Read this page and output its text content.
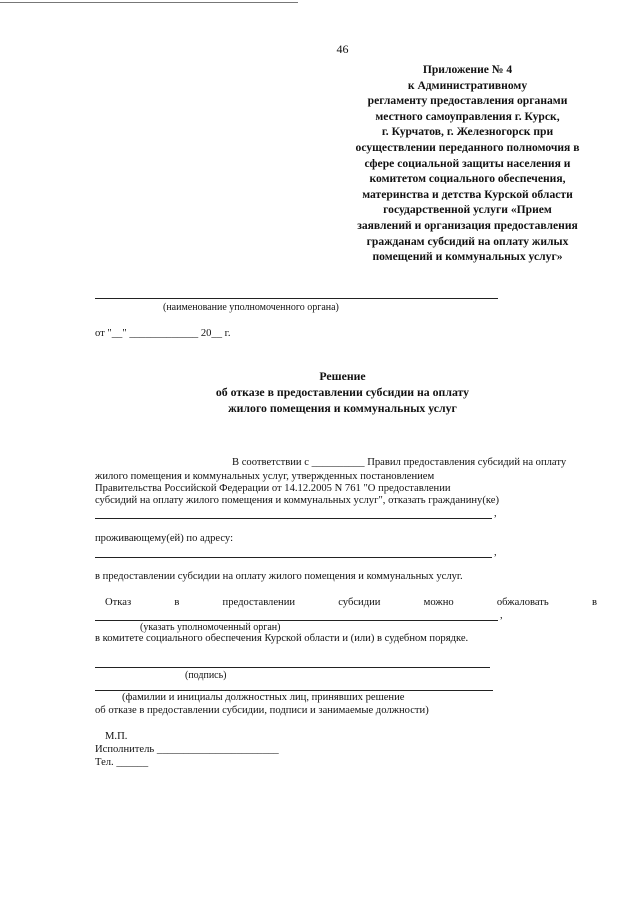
46
Приложение № 4
к Административному
регламенту предоставления органами
местного самоуправления г. Курск,
г. Курчатов, г. Железногорск при
осуществлении переданного полномочия в
сфере социальной защиты населения и
комитетом социального обеспечения,
материнства и детства Курской области
государственной услуги «Прием
заявлений и организация предоставления
гражданам субсидий на оплату жилых
помещений и коммунальных услуг»
(наименование уполномоченного органа)
от "__" _____________ 20__ г.
Решение
об отказе в предоставлении субсидии на оплату
жилого помещения и коммунальных услуг
В соответствии с __________ Правил предоставления субсидий на оплату
жилого помещения и коммунальных услуг, утвержденных постановлением
Правительства Российской Федерации от 14.12.2005 N 761 "О предоставлении
субсидий на оплату жилого помещения и коммунальных услуг", отказать гражданину(ке)
,
проживающему(ей) по адресу:
,
в предоставлении субсидии на оплату жилого помещения и коммунальных услуг.
Отказ	в	предоставлении	субсидии	можно	обжаловать	в
,
(указать уполномоченный орган)
в комитете социального обеспечения Курской области и (или) в судебном порядке.
(подпись)
(фамилии и инициалы должностных лиц, принявших решение
об отказе в предоставлении субсидии, подписи и занимаемые должности)
М.П.
Исполнитель _______________________
Тел. ______
